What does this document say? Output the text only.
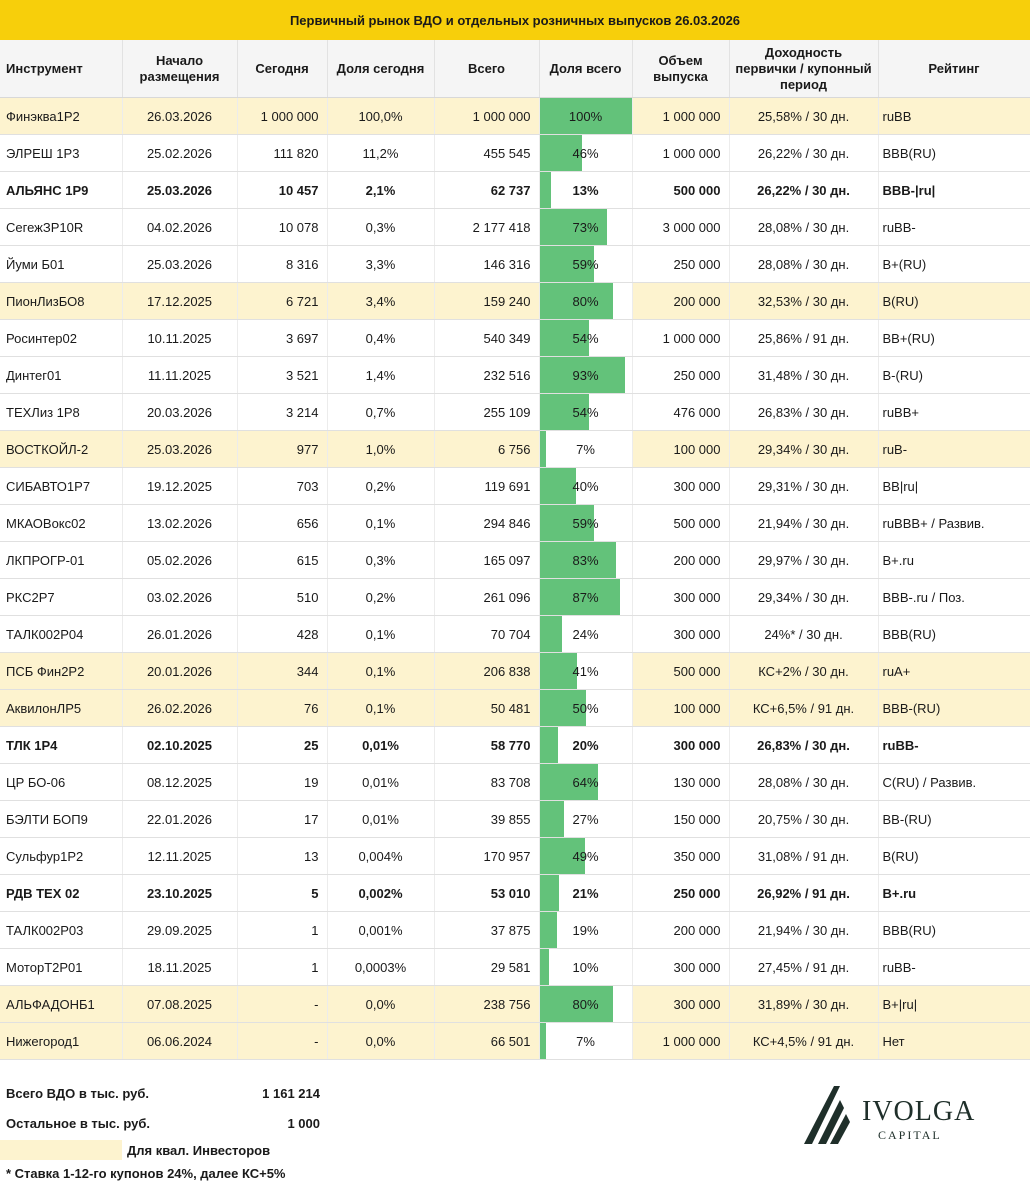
Первичный рынок ВДО и отдельных розничных выпусков 26.03.2026
Инструмент	Начало размещения	Сегодня	Доля сегодня	Всего	Доля всего	Объем выпуска	Доходность первички / купонный период	Рейтинг
Финэква1Р2	26.03.2026	1 000 000	100,0%	1 000 000	100%	1 000 000	25,58% / 30 дн.	ruBB
ЭЛРЕШ 1Р3	25.02.2026	111 820	11,2%	455 545	46%	1 000 000	26,22% / 30 дн.	BBB(RU)
АЛЬЯНС 1Р9	25.03.2026	10 457	2,1%	62 737	13%	500 000	26,22% / 30 дн.	BBB-|ru|
СегежЗР10R	04.02.2026	10 078	0,3%	2 177 418	73%	3 000 000	28,08% / 30 дн.	ruBB-
Йуми Б01	25.03.2026	8 316	3,3%	146 316	59%	250 000	28,08% / 30 дн.	B+(RU)
ПионЛизБО8	17.12.2025	6 721	3,4%	159 240	80%	200 000	32,53% / 30 дн.	B(RU)
Росинтер02	10.11.2025	3 697	0,4%	540 349	54%	1 000 000	25,86% / 91 дн.	BB+(RU)
Динтег01	11.11.2025	3 521	1,4%	232 516	93%	250 000	31,48% / 30 дн.	B-(RU)
ТЕХЛиз 1Р8	20.03.2026	3 214	0,7%	255 109	54%	476 000	26,83% / 30 дн.	ruBB+
ВОСТКОЙЛ-2	25.03.2026	977	1,0%	6 756	7%	100 000	29,34% / 30 дн.	ruB-
СИБАВТО1Р7	19.12.2025	703	0,2%	119 691	40%	300 000	29,31% / 30 дн.	BB|ru|
МКАОВокс02	13.02.2026	656	0,1%	294 846	59%	500 000	21,94% / 30 дн.	ruBBB+ / Развив.
ЛКПРОГР-01	05.02.2026	615	0,3%	165 097	83%	200 000	29,97% / 30 дн.	B+.ru
РКС2Р7	03.02.2026	510	0,2%	261 096	87%	300 000	29,34% / 30 дн.	BBB-.ru / Поз.
ТАЛК002Р04	26.01.2026	428	0,1%	70 704	24%	300 000	24%* / 30 дн.	BBB(RU)
ПСБ Фин2Р2	20.01.2026	344	0,1%	206 838	41%	500 000	КС+2% / 30 дн.	ruA+
АквилонЛР5	26.02.2026	76	0,1%	50 481	50%	100 000	КС+6,5% / 91 дн.	BBB-(RU)
ТЛК 1Р4	02.10.2025	25	0,01%	58 770	20%	300 000	26,83% / 30 дн.	ruBB-
ЦР БО-06	08.12.2025	19	0,01%	83 708	64%	130 000	28,08% / 30 дн.	C(RU) / Развив.
БЭЛТИ БОП9	22.01.2026	17	0,01%	39 855	27%	150 000	20,75% / 30 дн.	BB-(RU)
Сульфур1Р2	12.11.2025	13	0,004%	170 957	49%	350 000	31,08% / 91 дн.	B(RU)
РДВ ТЕХ 02	23.10.2025	5	0,002%	53 010	21%	250 000	26,92% / 91 дн.	B+.ru
ТАЛК002Р03	29.09.2025	1	0,001%	37 875	19%	200 000	21,94% / 30 дн.	BBB(RU)
МоторТ2Р01	18.11.2025	1	0,0003%	29 581	10%	300 000	27,45% / 91 дн.	ruBB-
АЛЬФАДОНБ1	07.08.2025	-	0,0%	238 756	80%	300 000	31,89% / 30 дн.	B+|ru|
Нижегород1	06.06.2024	-	0,0%	66 501	7%	1 000 000	КС+4,5% / 91 дн.	Нет
Всего ВДО в тыс. руб.	1 161 214
Остальное в тыс. руб.	1 000
Для квал. Инвесторов
* Ставка 1-12-го купонов 24%, далее КС+5%
IVOLGA
CAPITAL
